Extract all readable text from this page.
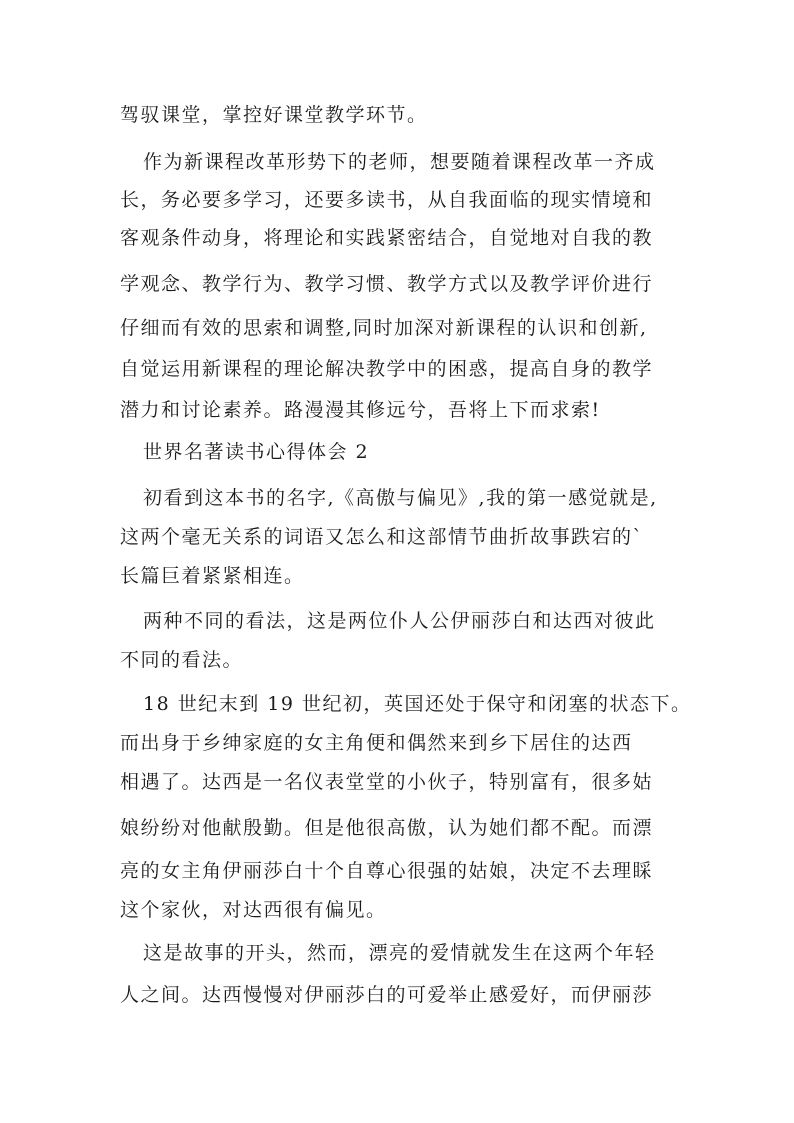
驾驭课堂，掌控好课堂教学环节。
作为新课程改革形势下的老师，想要随着课程改革一齐成
长，务必要多学习，还要多读书，从自我面临的现实情境和
客观条件动身，将理论和实践紧密结合，自觉地对自我的教
学观念、教学行为、教学习惯、教学方式以及教学评价进行
仔细而有效的思索和调整,同时加深对新课程的认识和创新,
自觉运用新课程的理论解决教学中的困惑，提高自身的教学
潜力和讨论素养。路漫漫其修远兮，吾将上下而求索!
世界名著读书心得体会 2
初看到这本书的名字,《高傲与偏见》,我的第一感觉就是,
这两个毫无关系的词语又怎么和这部情节曲折故事跌宕的`
长篇巨着紧紧相连。
两种不同的看法，这是两位仆人公伊丽莎白和达西对彼此
不同的看法。
18 世纪末到 19 世纪初，英国还处于保守和闭塞的状态下。
而出身于乡绅家庭的女主角便和偶然来到乡下居住的达西
相遇了。达西是一名仪表堂堂的小伙子，特别富有，很多姑
娘纷纷对他献殷勤。但是他很高傲，认为她们都不配。而漂
亮的女主角伊丽莎白十个自尊心很强的姑娘，决定不去理睬
这个家伙，对达西很有偏见。
这是故事的开头，然而，漂亮的爱情就发生在这两个年轻
人之间。达西慢慢对伊丽莎白的可爱举止感爱好，而伊丽莎
